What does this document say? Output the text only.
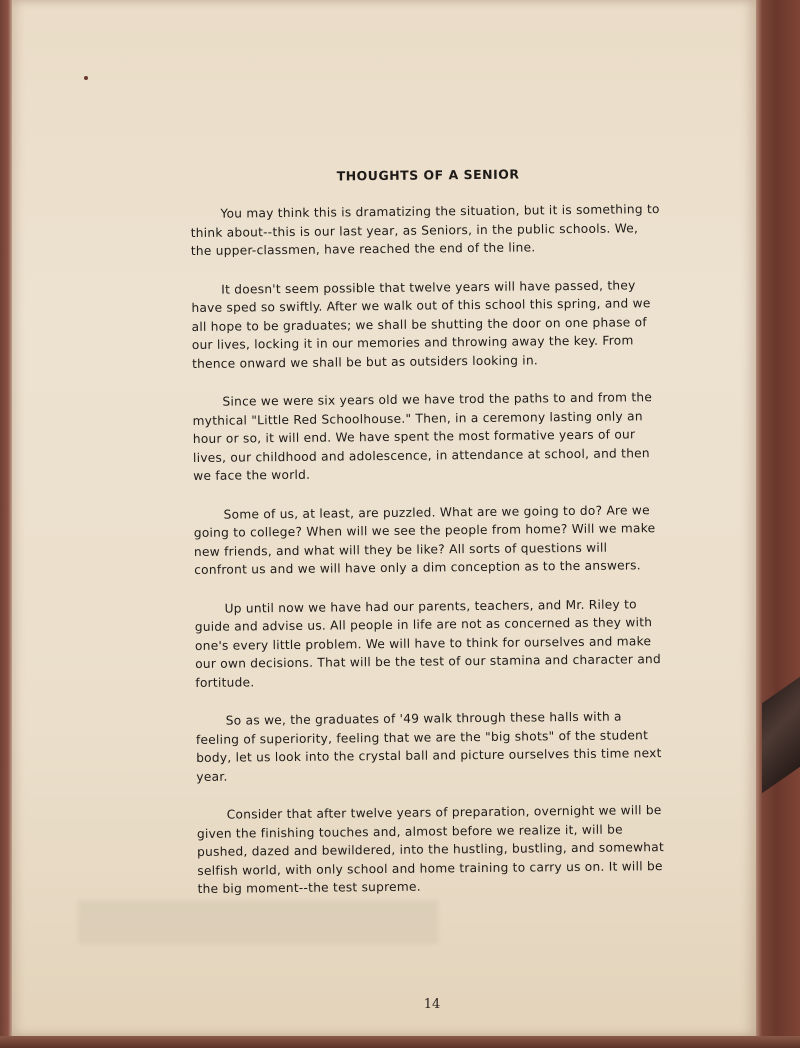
THOUGHTS OF A SENIOR

You may think this is dramatizing the situation, but it is something to think about--this is our last year, as Seniors, in the public schools. We, the upper-classmen, have reached the end of the line.

It doesn't seem possible that twelve years will have passed, they have sped so swiftly. After we walk out of this school this spring, and we all hope to be graduates; we shall be shutting the door on one phase of our lives, locking it in our memories and throwing away the key. From thence onward we shall be but as outsiders looking in.

Since we were six years old we have trod the paths to and from the mythical "Little Red Schoolhouse." Then, in a ceremony lasting only an hour or so, it will end. We have spent the most formative years of our lives, our childhood and adolescence, in attendance at school, and then we face the world.

Some of us, at least, are puzzled. What are we going to do? Are we going to college? When will we see the people from home? Will we make new friends, and what will they be like? All sorts of questions will confront us and we will have only a dim conception as to the answers.

Up until now we have had our parents, teachers, and Mr. Riley to guide and advise us. All people in life are not as concerned as they with one's every little problem. We will have to think for ourselves and make our own decisions. That will be the test of our stamina and character and fortitude.

So as we, the graduates of '49 walk through these halls with a feeling of superiority, feeling that we are the "big shots" of the student body, let us look into the crystal ball and picture ourselves this time next year.

Consider that after twelve years of preparation, overnight we will be given the finishing touches and, almost before we realize it, will be pushed, dazed and bewildered, into the hustling, bustling, and somewhat selfish world, with only school and home training to carry us on. It will be the big moment--the test supreme.

14
